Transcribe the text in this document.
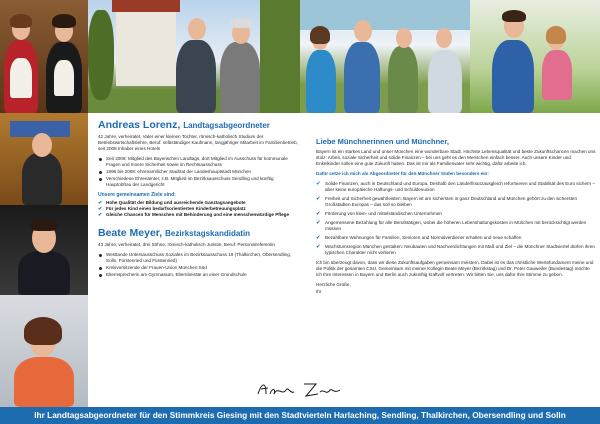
Andreas Lorenz, Landtagsabgeordneter

42 Jahre, verheiratet, Vater einer kleinen Tochter, römisch-katholisch Studium der Betriebswirtschaftslehre, Beruf: selbständiger Kaufmann, langjähriger Mitarbeit im Familienbetrieb, seit 2008 Inhaber eines Hotels

Seit 2008: Mitglied des Bayerischen Landtags, dort Mitglied im Ausschuss für kommunale Fragen und Innere Sicherheit sowie im Rechtsausschuss
1996 bis 2008: ehrenamtlicher Stadtrat der Landeshauptstadt München
Verschiedene Ehrenämter, z.B. Mitglied im Bezirksausschuss Sendling und künftig Hauptobfrau der Landgericht
Unsere gemeinsamen Ziele sind:
✔ Hohe Qualität der Bildung und ausreichende Ganztagsangebote
✔ Für jedes Kind einen bedarfsorientierten Kinderbetreuungsplatz
✔ Gleiche Chancen für Menschen mit Behinderung und eine menschenwürdige Pflege
Beate Meyer, Bezirkstagskandidatin

43 Jahre, verheiratet, drei Söhne, römisch-katholisch Juristin, Beruf: Personalreferentin

Westlande Untersausschuss Soziales im Bezirksausschuss 19 (Thalkirchen, Obersendling, Solln, Forstenried und Fürstenried)
Kreisvorsitzende der Frauen-Union München Süd
Elternsprecherin am Gymnasium, Elternbeiräte an einer Grundschule
Liebe Münchnerinnen und Münchner,

Bayern ist ein starkes Land und unser München eine wunderbare Stadt. Höchste Lebensqualität und beste Zukunftschancen machen uns stolz: Arbeit, soziale Sicherheit und solide Finanzen – bei uns geht es den Menschen einfach besser. Auch unsere Kinder und Enkelkinder sollen eine gute Zukunft haben. Das ist mir als Familienvater sehr wichtig, dafür arbeite ich.

Dafür setze ich mich als Abgeordneter für den Münchner Süden besonders ein:

✔ Solide Finanzen, auch in Deutschland und Europa. Deshalb den Länderfinanzausgleich reformieren und Stabilität des Euro sichern – aber keine europäische Haftungs- und Schuldenunion
✔ Freiheit und Sicherheit gewährleisten: Bayern ist am sichersten in ganz Deutschland und München gehört zu den sichersten Großstädten Europas – das soll so bleiben
✔ Förderung von klein- und mittelständischen Unternehmen
✔ Angemessene Bezahlung für alle Berufstätigen, wobei die höheren Lebenshaltungskosten in München mit berücksichtigt werden müssen
✔ Bezahlbare Wohnungen für Familien, Senioren und Normalverdiener erhalten und neue schaffen
✔ Wachstumsregion München gestalten: Neubauten und Nachverdichtungen mit Maß und Ziel – die Münchner Stadtviertel dürfen ihren typischen Charakter nicht verlieren

Ich bin überzeugt davon, dass wir diese Zukunftsaufgaben gemeinsam meistern. Dabei ist es das christliche Wertefundament meine und die Politik der gesamten CSU. Gemeinsam mit meiner Kollegin Beate Meyer (Bezirkstag) und Dr. Peter Gauweiler (Bundestag) möchte ich Ihre Interessen in Bayern und Berlin auch zukünftig kraftvoll vertreten. Wir bitten Sie, uns dafür Ihre Stimme zu geben.

Herzliche Grüße,

Ihr

Ihr Landtagsabgeordneter für den Stimmkreis Giesing mit den Stadtvierteln Harlaching, Sendling, Thalkirchen, Obersendling und Solln
